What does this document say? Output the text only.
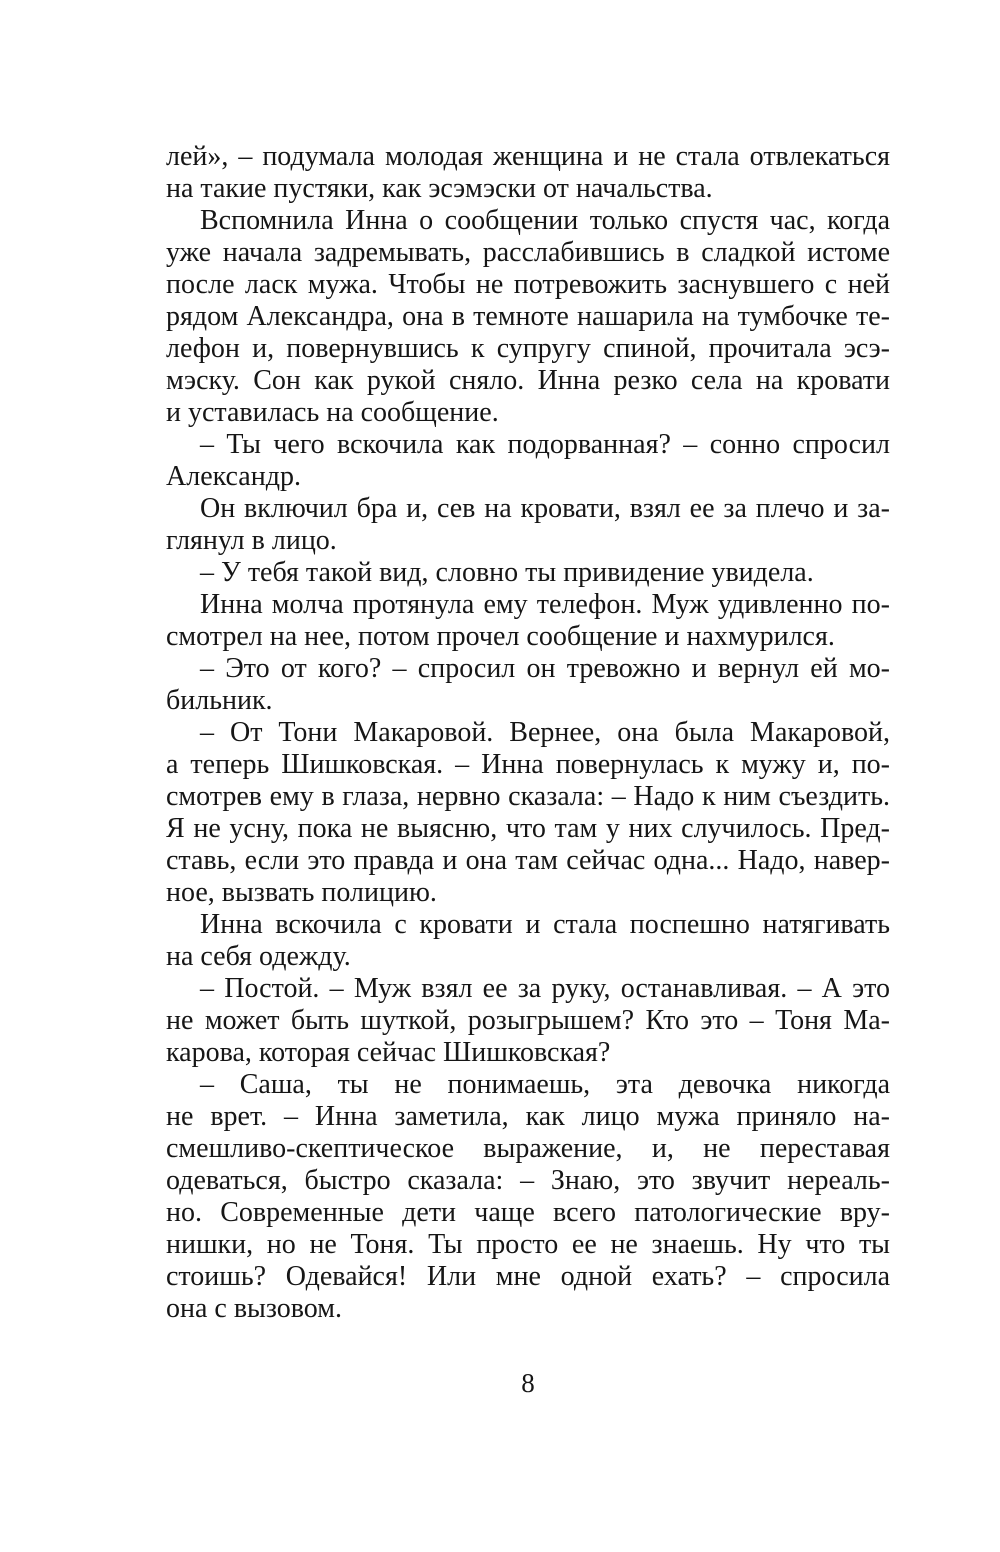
лей», – подумала молодая женщина и не стала отвлекаться
на такие пустяки, как эсэмэски от начальства.
Вспомнила Инна о сообщении только спустя час, когда
уже начала задремывать, расслабившись в сладкой истоме
после ласк мужа. Чтобы не потревожить заснувшего с ней
рядом Александра, она в темноте нашарила на тумбочке те-
лефон и, повернувшись к супругу спиной, прочитала эсэ-
мэску. Сон как рукой сняло. Инна резко села на кровати
и уставилась на сообщение.
– Ты чего вскочила как подорванная? – сонно спросил
Александр.
Он включил бра и, сев на кровати, взял ее за плечо и за-
глянул в лицо.
– У тебя такой вид, словно ты привидение увидела.
Инна молча протянула ему телефон. Муж удивленно по-
смотрел на нее, потом прочел сообщение и нахмурился.
– Это от кого? – спросил он тревожно и вернул ей мо-
бильник.
– От Тони Макаровой. Вернее, она была Макаровой,
а теперь Шишковская. – Инна повернулась к мужу и, по-
смотрев ему в глаза, нервно сказала: – Надо к ним съездить.
Я не усну, пока не выясню, что там у них случилось. Пред-
ставь, если это правда и она там сейчас одна... Надо, навер-
ное, вызвать полицию.
Инна вскочила с кровати и стала поспешно натягивать
на себя одежду.
– Постой. – Муж взял ее за руку, останавливая. – А это
не может быть шуткой, розыгрышем? Кто это – Тоня Ма-
карова, которая сейчас Шишковская?
– Саша, ты не понимаешь, эта девочка никогда
не врет. – Инна заметила, как лицо мужа приняло на-
смешливо-скептическое выражение, и, не переставая
одеваться, быстро сказала: – Знаю, это звучит нереаль-
но. Современные дети чаще всего патологические вру-
нишки, но не Тоня. Ты просто ее не знаешь. Ну что ты
стоишь? Одевайся! Или мне одной ехать? – спросила
она с вызовом.
8
